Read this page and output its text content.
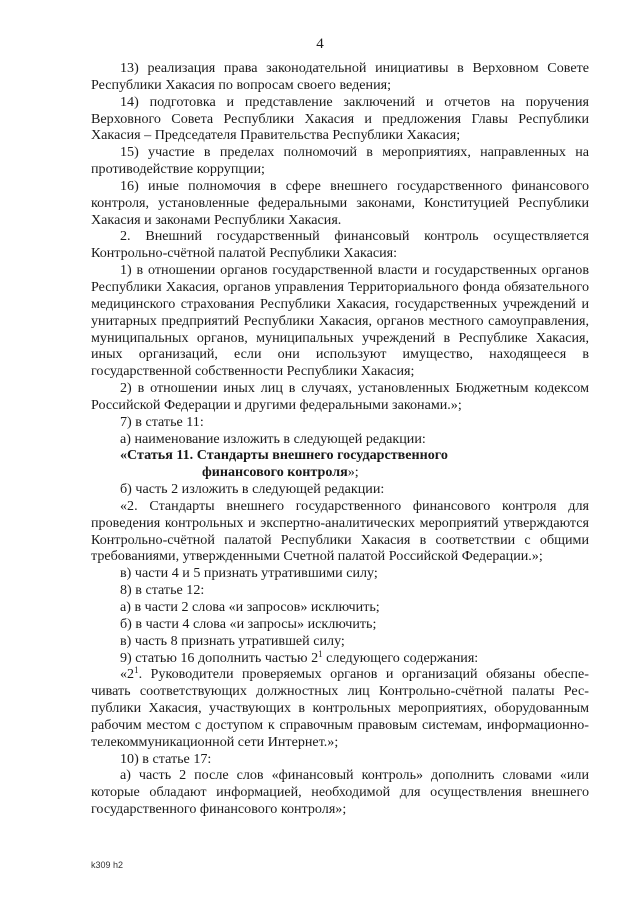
4

13) реализация права законодательной инициативы в Верховном Совете Республики Хакасия по вопросам своего ведения;

14) подготовка и представление заключений и отчетов на поручения Верховного Совета Республики Хакасия и предложения Главы Республики Хакасия – Председателя Правительства Республики Хакасия;

15) участие в пределах полномочий в мероприятиях, направленных на противодействие коррупции;

16) иные полномочия в сфере внешнего государственного финансового контроля, установленные федеральными законами, Конституцией Республики Хакасия и законами Республики Хакасия.

2. Внешний государственный финансовый контроль осуществляется Контрольно-счётной палатой Республики Хакасия:

1) в отношении органов государственной власти и государственных органов Республики Хакасия, органов управления Территориального фонда обязательного медицинского страхования Республики Хакасия, государственных учреждений и унитарных предприятий Республики Хакасия, органов местного самоуправления, муниципальных органов, муниципальных учреждений в Республике Хакасия, иных организаций, если они используют имущество, находящееся в государственной собственности Республики Хакасия;

2) в отношении иных лиц в случаях, установленных Бюджетным кодексом Российской Федерации и другими федеральными законами.»;

7) в статье 11:

а) наименование изложить в следующей редакции:

«Статья 11. Стандарты внешнего государственного

финансового контроля»;

б) часть 2 изложить в следующей редакции:

«2. Стандарты внешнего государственного финансового контроля для проведения контрольных и экспертно-аналитических мероприятий утверждаются Контрольно-счётной палатой Республики Хакасия в соответствии с общими требованиями, утвержденными Счетной палатой Российской Федерации.»;

в) части 4 и 5 признать утратившими силу;

8) в статье 12:

а) в части 2 слова «и запросов» исключить;

б) в части 4 слова «и запросы» исключить;

в) часть 8 признать утратившей силу;

9) статью 16 дополнить частью $2^1$ следующего содержания:

«$2^1$. Руководители проверяемых органов и организаций обязаны обеспечивать соответствующих должностных лиц Контрольно-счётной палаты Республики Хакасия, участвующих в контрольных мероприятиях, оборудованным рабочим местом с доступом к справочным правовым системам, информационно-телекоммуникационной сети Интернет.»;

10) в статье 17:

а) часть 2 после слов «финансовый контроль» дополнить словами «или которые обладают информацией, необходимой для осуществления внешнего государственного финансового контроля»;

k309 h2
